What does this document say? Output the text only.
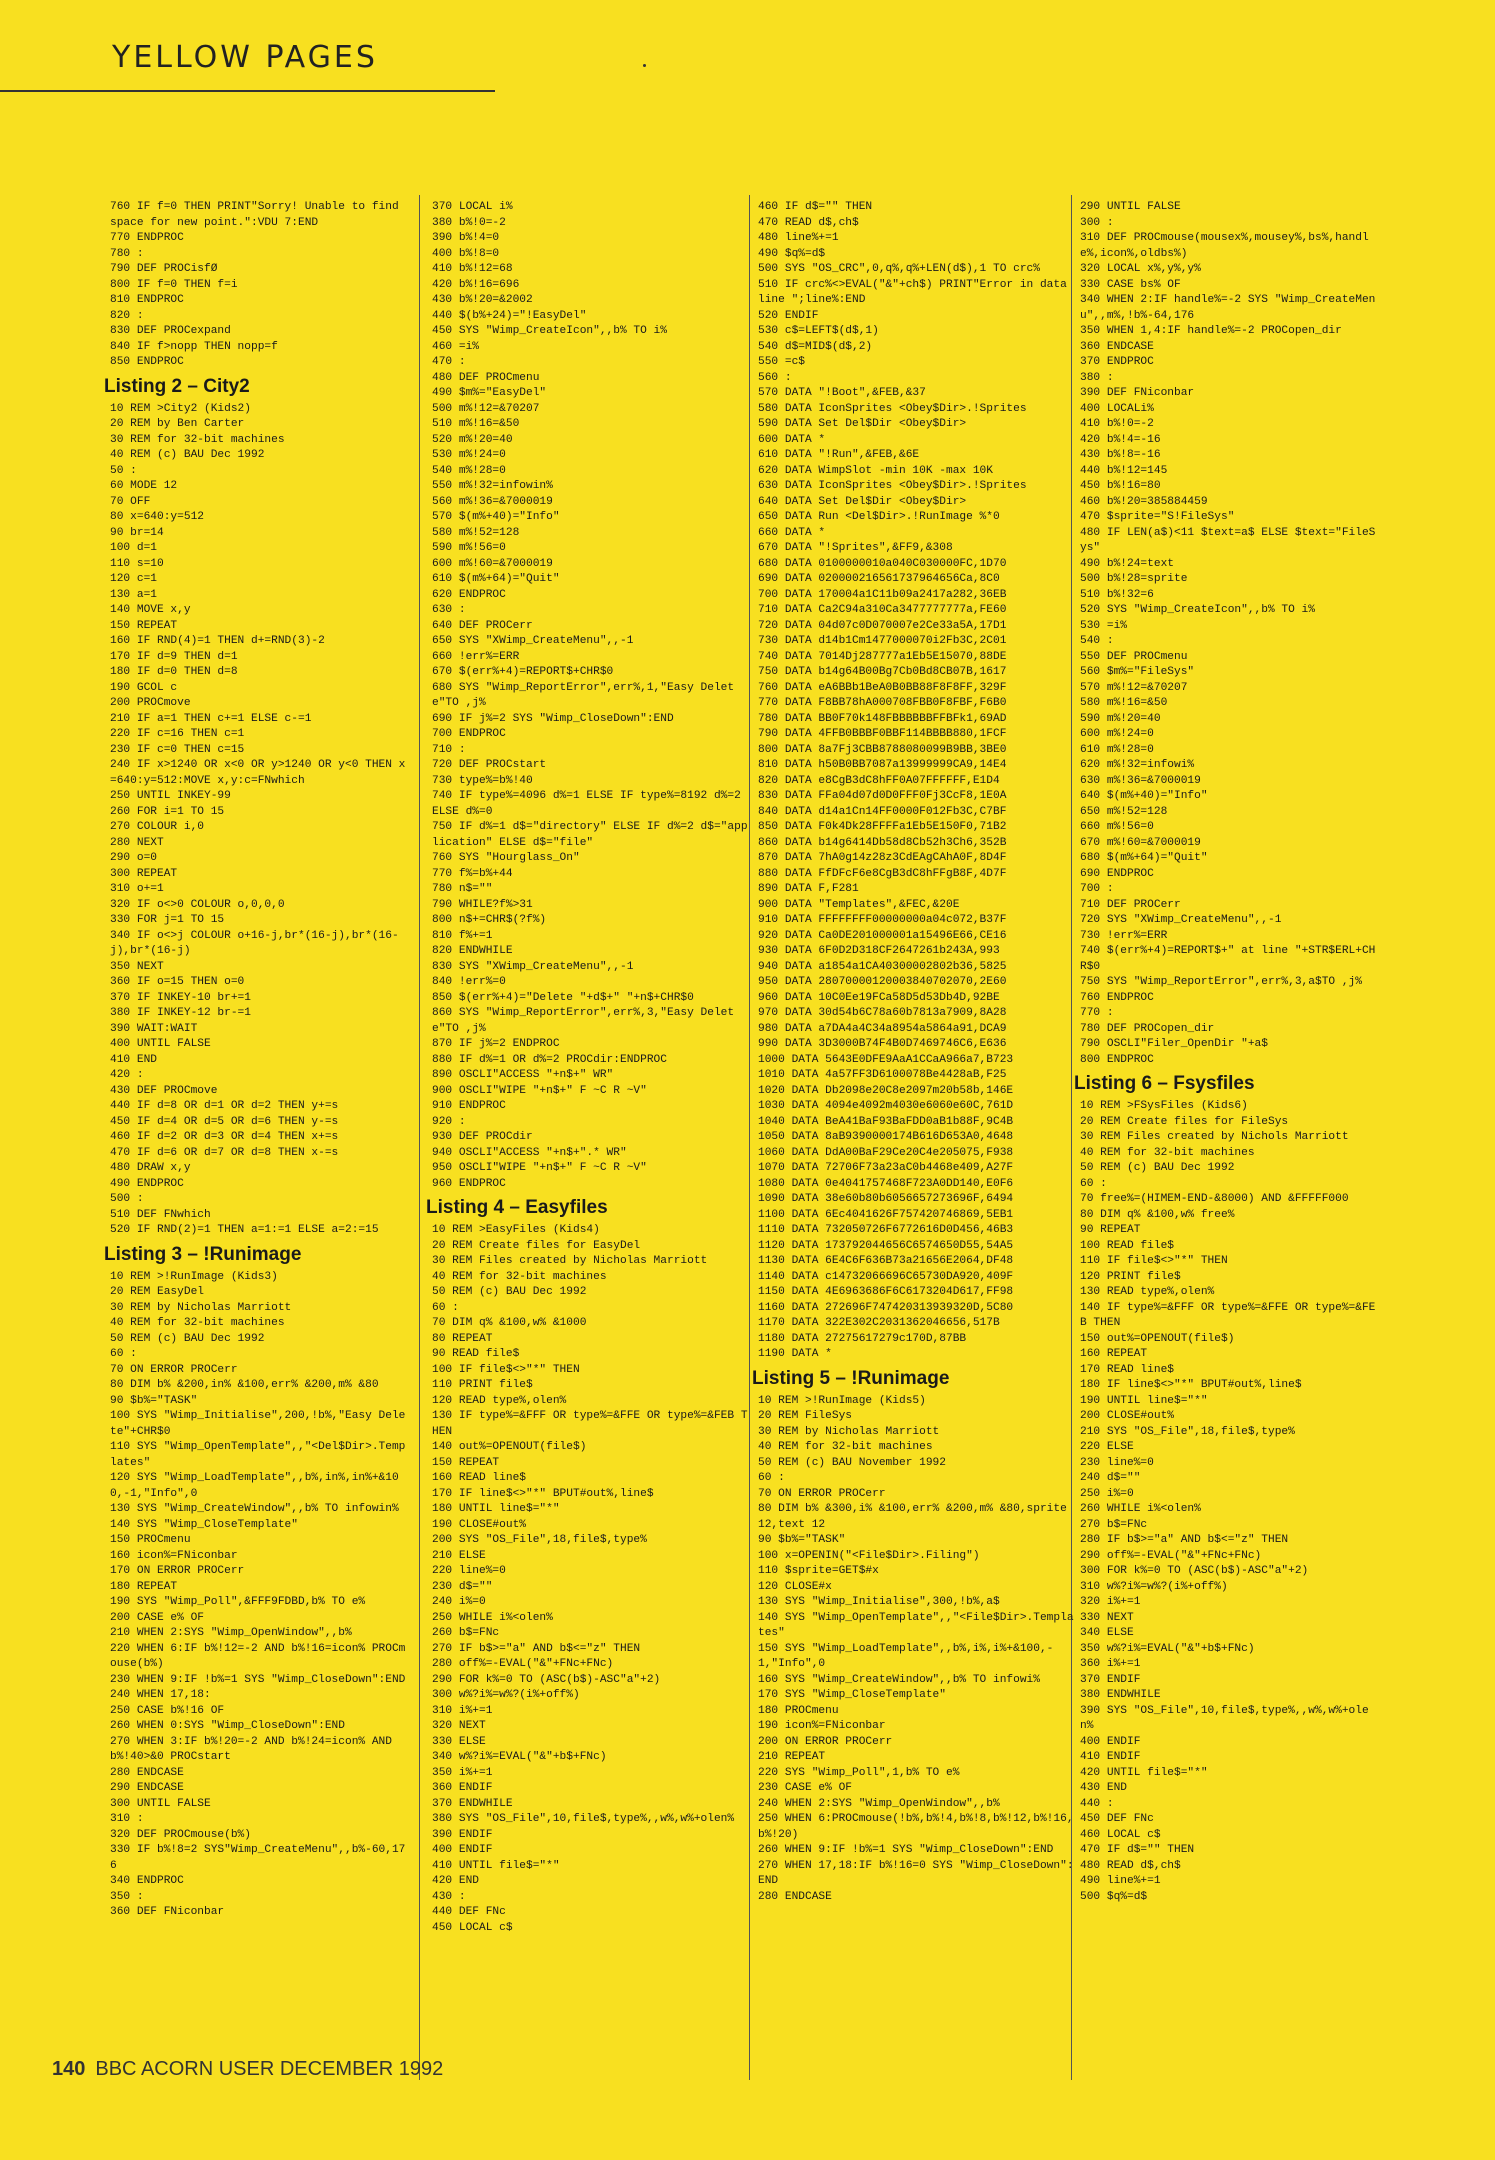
YELLOW PAGES
760 IF f=0 THEN PRINT"Sorry! Unable to find space for new point.":VDU 7:END
770 ENDPROC
780 :
790 DEF PROCisfØ
800 IF f=0 THEN f=i
810 ENDPROC
820 :
830 DEF PROCexpand
840 IF f>nopp THEN nopp=f
850 ENDPROC
Listing 2 – City2
10 REM >City2 (Kids2)
20 REM by Ben Carter
30 REM for 32-bit machines
40 REM (c) BAU Dec 1992
50 :
60 MODE 12
70 OFF
80 x=640:y=512
90 br=14
100 d=1
110 s=10
120 c=1
130 a=1
140 MOVE x,y
150 REPEAT
160 IF RND(4)=1 THEN d+=RND(3)-2
170 IF d=9 THEN d=1
180 IF d=0 THEN d=8
190 GCOL c
200 PROCmove
210 IF a=1 THEN c+=1 ELSE c-=1
220 IF c=16 THEN c=1
230 IF c=0 THEN c=15
240 IF x>1240 OR x<0 OR y>1240 OR y<0 THEN x=640:y=512:MOVE x,y:c=FNwhich
250 UNTIL INKEY-99
260 FOR i=1 TO 15
270 COLOUR i,0
280 NEXT
290 o=0
300 REPEAT
310 o+=1
320 IF o<>0 COLOUR o,0,0,0
330 FOR j=1 TO 15
340 IF o<>j COLOUR o+16-j,br*(16-j),br*(16-j),br*(16-j)
350 NEXT
360 IF o=15 THEN o=0
370 IF INKEY-10 br+=1
380 IF INKEY-12 br-=1
390 WAIT:WAIT
400 UNTIL FALSE
410 END
420 :
430 DEF PROCmove
440 IF d=8 OR d=1 OR d=2 THEN y+=s
450 IF d=4 OR d=5 OR d=6 THEN y-=s
460 IF d=2 OR d=3 OR d=4 THEN x+=s
470 IF d=6 OR d=7 OR d=8 THEN x-=s
480 DRAW x,y
490 ENDPROC
500 :
510 DEF FNwhich
520 IF RND(2)=1 THEN a=1:=1 ELSE a=2:=15
Listing 3 – !Runimage
10 REM >!RunImage (Kids3)
20 REM EasyDel
30 REM by Nicholas Marriott
40 REM for 32-bit machines
50 REM (c) BAU Dec 1992
60 :
70 ON ERROR PROCerr
80 DIM b% &200,in% &100,err% &200,m% &80
90 $b%="TASK"
100 SYS "Wimp_Initialise",200,!b%,"Easy Delete"+CHR$0
110 SYS "Wimp_OpenTemplate",,"<Del$Dir>.Templates"
120 SYS "Wimp_LoadTemplate",,b%,in%,in%+&100,-1,"Info",0
130 SYS "Wimp_CreateWindow",,b% TO infowin%
140 SYS "Wimp_CloseTemplate"
150 PROCmenu
160 icon%=FNiconbar
170 ON ERROR PROCerr
180 REPEAT
190 SYS "Wimp_Poll",&FFF9FDBD,b% TO e%
200 CASE e% OF
210 WHEN 2:SYS "Wimp_OpenWindow",,b%
220 WHEN 6:IF b%!12=-2 AND b%!16=icon% PROCmouse(b%)
230 WHEN 9:IF !b%=1 SYS "Wimp_CloseDown":END
240 WHEN 17,18:
250 CASE b%!16 OF
260 WHEN 0:SYS "Wimp_CloseDown":END
270 WHEN 3:IF b%!20=-2 AND b%!24=icon% AND b%!40>&0 PROCstart
280 ENDCASE
290 ENDCASE
300 UNTIL FALSE
310 :
320 DEF PROCmouse(b%)
330 IF b%!8=2 SYS"Wimp_CreateMenu",,b%-60,176
340 ENDPROC
350 :
360 DEF FNiconbar
370 LOCAL i%
380 b%!0=-2
390 b%!4=0
400 b%!8=0
410 b%!12=68
420 b%!16=696
430 b%!20=&2002
440 $(b%+24)="!EasyDel"
450 SYS "Wimp_CreateIcon",,b% TO i%
460 =i%
470 :
480 DEF PROCmenu
490 $m%="EasyDel"
500 m%!12=&70207
510 m%!16=&50
520 m%!20=40
530 m%!24=0
540 m%!28=0
550 m%!32=infowin%
560 m%!36=&7000019
570 $(m%+40)="Info"
580 m%!52=128
590 m%!56=0
600 m%!60=&7000019
610 $(m%+64)="Quit"
620 ENDPROC
630 :
640 DEF PROCerr
650 SYS "XWimp_CreateMenu",,-1
660 !err%=ERR
670 $(err%+4)=REPORT$+CHR$0
680 SYS "Wimp_ReportError",err%,1,"Easy Delete"TO ,j%
690 IF j%=2 SYS "Wimp_CloseDown":END
700 ENDPROC
710 :
720 DEF PROCstart
730 type%=b%!40
740 IF type%=4096 d%=1 ELSE IF type%=8192 d%=2 ELSE d%=0
750 IF d%=1 d$="directory" ELSE IF d%=2 d$="application" ELSE d$="file"
760 SYS "Hourglass_On"
770 f%=b%+44
780 n$=""
790 WHILE?f%>31
800 n$+=CHR$(?f%)
810 f%+=1
820 ENDWHILE
830 SYS "XWimp_CreateMenu",,-1
840 !err%=0
850 $(err%+4)="Delete "+d$+" "+n$+CHR$0
860 SYS "Wimp_ReportError",err%,3,"Easy Delete"TO ,j%
870 IF j%=2 ENDPROC
880 IF d%=1 OR d%=2 PROCdir:ENDPROC
890 OSCLI"ACCESS "+n$+" WR"
900 OSCLI"WIPE "+n$+" F ~C R ~V"
910 ENDPROC
920 :
930 DEF PROCdir
940 OSCLI"ACCESS "+n$+".* WR"
950 OSCLI"WIPE "+n$+" F ~C R ~V"
960 ENDPROC
Listing 4 – Easyfiles
10 REM >EasyFiles (Kids4)
20 REM Create files for EasyDel
30 REM Files created by Nicholas Marriott
40 REM for 32-bit machines
50 REM (c) BAU Dec 1992
60 :
70 DIM q% &100,w% &1000
80 REPEAT
90 READ file$
100 IF file$<>"*" THEN
110 PRINT file$
120 READ type%,olen%
130 IF type%=&FFF OR type%=&FFE OR type%=&FEB THEN
140 out%=OPENOUT(file$)
150 REPEAT
160 READ line$
170 IF line$<>"*" BPUT#out%,line$
180 UNTIL line$="*"
190 CLOSE#out%
200 SYS "OS_File",18,file$,type%
210 ELSE
220 line%=0
230 d$=""
240 i%=0
250 WHILE i%<olen%
260 b$=FNc
270 IF b$>="a" AND b$<="z" THEN
280 off%=-EVAL("&"+FNc+FNc)
290 FOR k%=0 TO (ASC(b$)-ASC"a"+2)
300 w%?i%=w%?(i%+off%)
310 i%+=1
320 NEXT
330 ELSE
340 w%?i%=EVAL("&"+b$+FNc)
350 i%+=1
360 ENDIF
370 ENDWHILE
380 SYS "OS_File",10,file$,type%,,w%,w%+olen%
390 ENDIF
400 ENDIF
410 UNTIL file$="*"
420 END
430 :
440 DEF FNc
450 LOCAL c$
460 IF d$="" THEN
470 READ d$,ch$
480 line%+=1
490 $q%=d$
500 SYS "OS_CRC",0,q%,q%+LEN(d$),1 TO crc%
510 IF crc%<>EVAL("&"+ch$) PRINT"Error in data line ";line%:END
520 ENDIF
530 c$=LEFT$(d$,1)
540 d$=MID$(d$,2)
550 =c$
560 :
570 DATA "!Boot",&FEB,&37
580 DATA IconSprites <Obey$Dir>.!Sprites
590 DATA Set Del$Dir <Obey$Dir>
600 DATA *
610 DATA "!Run",&FEB,&6E
620 DATA WimpSlot -min 10K -max 10K
630 DATA IconSprites <Obey$Dir>.!Sprites
640 DATA Set Del$Dir <Obey$Dir>
650 DATA Run <Del$Dir>.!RunImage %*0
660 DATA *
670 DATA "!Sprites",&FF9,&308
680 DATA 0100000010a040C030000FC,1D70
690 DATA 020000216561737964656Ca,8C0
700 DATA 170004a1C11b09a2417a282,36EB
710 DATA Ca2C94a310Ca3477777777a,FE60
720 DATA 04d07c0D070007e2Ce33a5A,17D1
730 DATA d14b1Cm1477000070i2Fb3C,2C01
740 DATA 7014Dj287777a1Eb5E15070,88DE
750 DATA b14g64B00Bg7Cb0Bd8CB07B,1617
760 DATA eA6BBb1BeA0B0BB88F8F8FF,329F
770 DATA F8BB78hA000708FBB0F8FBF,F6B0
780 DATA BB0F70k148FBBBBBBFFBFk1,69AD
790 DATA 4FFB0BBBF0BBF114BBBB880,1FCF
800 DATA 8a7Fj3CBB8788080099B9BB,3BE0
810 DATA h50B0BB7087a13999999CA9,14E4
820 DATA e8CgB3dC8hFF0A07FFFFFF,E1D4
830 DATA FFa04d07d0D0FFF0Fj3CcF8,1E0A
840 DATA d14a1Cn14FF0000F012Fb3C,C7BF
850 DATA F0k4Dk28FFFFa1Eb5E150F0,71B2
860 DATA b14g6414Db58d8Cb52h3Ch6,352B
870 DATA 7hA0g14z28z3CdEAgCAhA0F,8D4F
880 DATA FfDFcF6e8CgB3dC8hFFgB8F,4D7F
890 DATA F,F281
900 DATA "Templates",&FEC,&20E
910 DATA FFFFFFFF00000000a04c072,B37F
920 DATA Ca0DE201000001a15496E66,CE16
930 DATA 6F0D2D318CF2647261b243A,993
940 DATA a1854a1CA40300002802b36,5825
950 DATA 28070000120003840702070,2E60
960 DATA 10C0Ee19FCa58D5d53Db4D,92BE
970 DATA 30d54b6C78a60b7813a7909,8A28
980 DATA a7DA4a4C34a8954a5864a91,DCA9
990 DATA 3D3000B74F4B0D7469746C6,E636
1000 DATA 5643E0DFE9AaA1CCaA966a7,B723
1010 DATA 4a57FF3D6100078Be4428aB,F25
1020 DATA Db2098e20C8e2097m20b58b,146E
1030 DATA 4094e4092m4030e6060e60C,761D
1040 DATA BeA41BaF93BaFDD0aB1b88F,9C4B
1050 DATA 8aB9390000174B616D653A0,4648
1060 DATA DdA00BaF29Ce20C4e205075,F938
1070 DATA 72706F73a23aC0b4468e409,A27F
1080 DATA 0e4041757468F723A0DD140,E0F6
1090 DATA 38e60b80b6056657273696F,6494
1100 DATA 6Ec4041626F757420746869,5EB1
1110 DATA 732050726F6772616D0D456,46B3
1120 DATA 173792044656C6574650D55,54A5
1130 DATA 6E4C6F636B73a21656E2064,DF48
1140 DATA c14732066696C65730DA920,409F
1150 DATA 4E6963686F6C6173204D617,FF98
1160 DATA 272696F747420313939320D,5C80
1170 DATA 322E302C2031362046656,517B
1180 DATA 27275617279c170D,87BB
1190 DATA *
Listing 5 – !Runimage
10 REM >!RunImage (Kids5)
20 REM FileSys
30 REM by Nicholas Marriott
40 REM for 32-bit machines
50 REM (c) BAU November 1992
60 :
70 ON ERROR PROCerr
80 DIM b% &300,i% &100,err% &200,m% &80,sprite 12,text 12
90 $b%="TASK"
100 x=OPENIN("<File$Dir>.Filing")
110 $sprite=GET$#x
120 CLOSE#x
130 SYS "Wimp_Initialise",300,!b%,a$
140 SYS "Wimp_OpenTemplate",,"<File$Dir>.Templates"
150 SYS "Wimp_LoadTemplate",,b%,i%,i%+&100,-1,"Info",0
160 SYS "Wimp_CreateWindow",,b% TO infowi%
170 SYS "Wimp_CloseTemplate"
180 PROCmenu
190 icon%=FNiconbar
200 ON ERROR PROCerr
210 REPEAT
220 SYS "Wimp_Poll",1,b% TO e%
230 CASE e% OF
240 WHEN 2:SYS "Wimp_OpenWindow",,b%
250 WHEN 6:PROCmouse(!b%,b%!4,b%!8,b%!12,b%!16,b%!20)
260 WHEN 9:IF !b%=1 SYS "Wimp_CloseDown":END
270 WHEN 17,18:IF b%!16=0 SYS "Wimp_CloseDown":END
280 ENDCASE
290 UNTIL FALSE
300 :
310 DEF PROCmouse(mousex%,mousey%,bs%,handle%,icon%,oldbs%)
320 LOCAL x%,y%,y%
330 CASE bs% OF
340 WHEN 2:IF handle%=-2 SYS "Wimp_CreateMenu",,m%,!b%-64,176
350 WHEN 1,4:IF handle%=-2 PROCopen_dir
360 ENDCASE
370 ENDPROC
380 :
390 DEF FNiconbar
400 LOCALi%
410 b%!0=-2
420 b%!4=-16
430 b%!8=-16
440 b%!12=145
450 b%!16=80
460 b%!20=385884459
470 $sprite="S!FileSys"
480 IF LEN(a$)<11 $text=a$ ELSE $text="FileSys"
490 b%!24=text
500 b%!28=sprite
510 b%!32=6
520 SYS "Wimp_CreateIcon",,b% TO i%
530 =i%
540 :
550 DEF PROCmenu
560 $m%="FileSys"
570 m%!12=&70207
580 m%!16=&50
590 m%!20=40
600 m%!24=0
610 m%!28=0
620 m%!32=infowi%
630 m%!36=&7000019
640 $(m%+40)="Info"
650 m%!52=128
660 m%!56=0
670 m%!60=&7000019
680 $(m%+64)="Quit"
690 ENDPROC
700 :
710 DEF PROCerr
720 SYS "XWimp_CreateMenu",,-1
730 !err%=ERR
740 $(err%+4)=REPORT$+" at line "+STR$ERL+CHR$0
750 SYS "Wimp_ReportError",err%,3,a$TO ,j%
760 ENDPROC
770 :
780 DEF PROCopen_dir
790 OSCLI"Filer_OpenDir "+a$
800 ENDPROC
Listing 6 – Fsysfiles
10 REM >FSysFiles (Kids6)
20 REM Create files for FileSys
30 REM Files created by Nichols Marriott
40 REM for 32-bit machines
50 REM (c) BAU Dec 1992
60 :
70 free%=(HIMEM-END-&8000) AND &FFFFF000
80 DIM q% &100,w% free%
90 REPEAT
100 READ file$
110 IF file$<>"*" THEN
120 PRINT file$
130 READ type%,olen%
140 IF type%=&FFF OR type%=&FFE OR type%=&FEB THEN
150 out%=OPENOUT(file$)
160 REPEAT
170 READ line$
180 IF line$<>"*" BPUT#out%,line$
190 UNTIL line$="*"
200 CLOSE#out%
210 SYS "OS_File",18,file$,type%
220 ELSE
230 line%=0
240 d$=""
250 i%=0
260 WHILE i%<olen%
270 b$=FNc
280 IF b$>="a" AND b$<="z" THEN
290 off%=-EVAL("&"+FNc+FNc)
300 FOR k%=0 TO (ASC(b$)-ASC"a"+2)
310 w%?i%=w%?(i%+off%)
320 i%+=1
330 NEXT
340 ELSE
350 w%?i%=EVAL("&"+b$+FNc)
360 i%+=1
370 ENDIF
380 ENDWHILE
390 SYS "OS_File",10,file$,type%,,w%,w%+olen%
400 ENDIF
410 ENDIF
420 UNTIL file$="*"
430 END
440 :
450 DEF FNc
460 LOCAL c$
470 IF d$="" THEN
480 READ d$,ch$
490 line%+=1
500 $q%=d$
140 BBC ACORN USER DECEMBER 1992
